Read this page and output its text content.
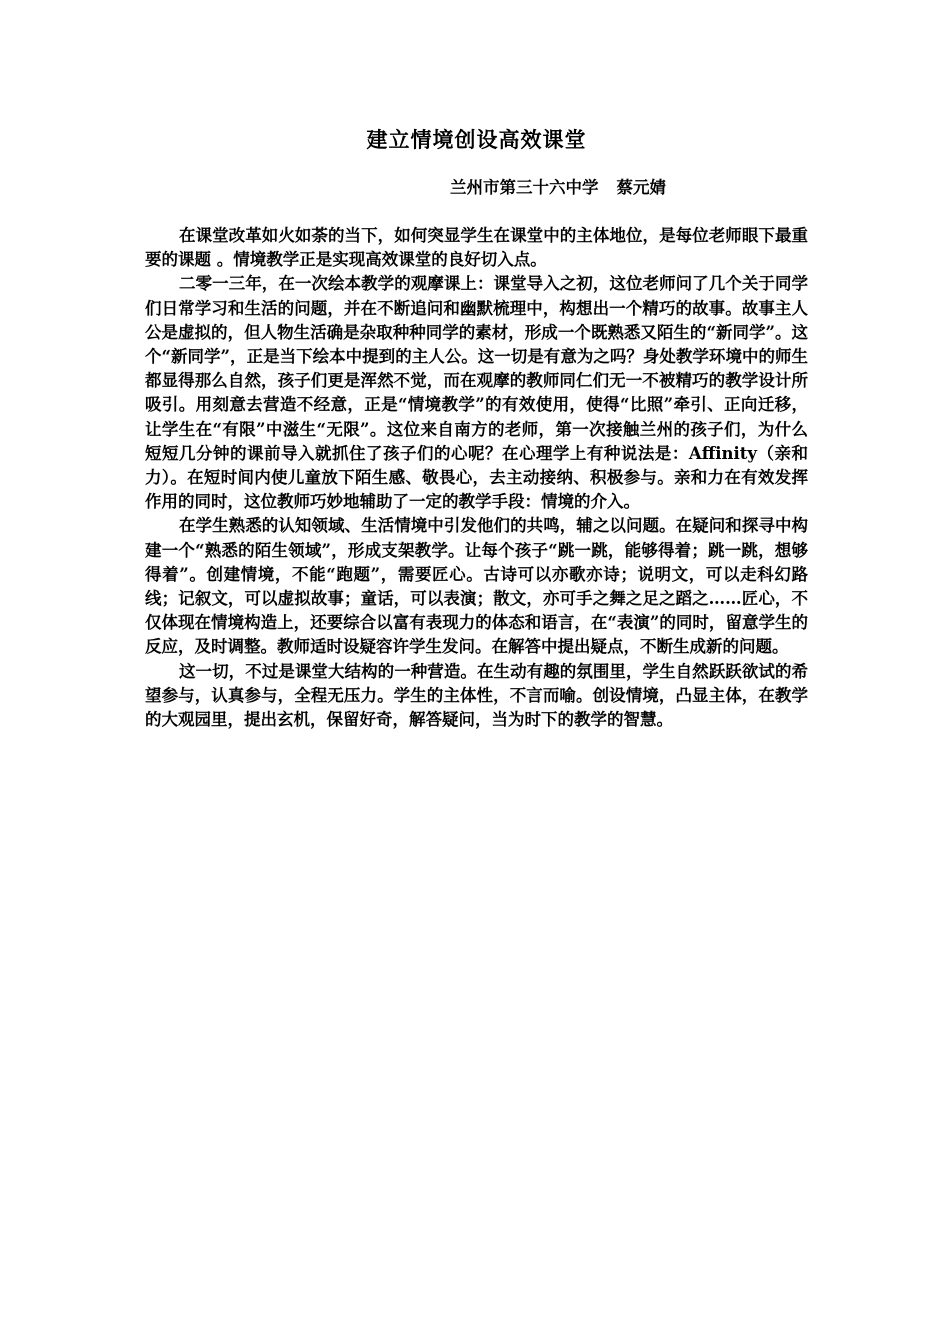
建立情境创设高效课堂

兰州市第三十六中学 蔡元婧

在课堂改革如火如荼的当下，如何突显学生在课堂中的主体地位，是每位老师眼下最重要的课题 。情境教学正是实现高效课堂的良好切入点。

二零一三年，在一次绘本教学的观摩课上：课堂导入之初，这位老师问了几个关于同学们日常学习和生活的问题，并在不断追问和幽默梳理中，构想出一个精巧的故事。故事主人公是虚拟的，但人物生活确是杂取种种同学的素材，形成一个既熟悉又陌生的“新同学”。这个“新同学”，正是当下绘本中提到的主人公。这一切是有意为之吗？身处教学环境中的师生都显得那么自然，孩子们更是浑然不觉，而在观摩的教师同仁们无一不被精巧的教学设计所吸引。用刻意去营造不经意，正是“情境教学”的有效使用，使得“比照”牵引、正向迁移，让学生在“有限”中滋生“无限”。这位来自南方的老师，第一次接触兰州的孩子们，为什么短短几分钟的课前导入就抓住了孩子们的心呢？在心理学上有种说法是：Affinity（亲和力）。在短时间内使儿童放下陌生感、敬畏心，去主动接纳、积极参与。亲和力在有效发挥作用的同时，这位教师巧妙地辅助了一定的教学手段：情境的介入。

在学生熟悉的认知领域、生活情境中引发他们的共鸣，辅之以问题。在疑问和探寻中构建一个“熟悉的陌生领域”，形成支架教学。让每个孩子“跳一跳，能够得着；跳一跳，想够得着”。创建情境，不能“跑题”，需要匠心。古诗可以亦歌亦诗；说明文，可以走科幻路线；记叙文，可以虚拟故事；童话，可以表演；散文，亦可手之舞之足之蹈之……匠心，不仅体现在情境构造上，还要综合以富有表现力的体态和语言，在“表演”的同时，留意学生的反应，及时调整。教师适时设疑容许学生发问。在解答中提出疑点，不断生成新的问题。

这一切，不过是课堂大结构的一种营造。在生动有趣的氛围里，学生自然跃跃欲试的希望参与，认真参与，全程无压力。学生的主体性，不言而喻。创设情境，凸显主体，在教学的大观园里，提出玄机，保留好奇，解答疑问，当为时下的教学的智慧。
